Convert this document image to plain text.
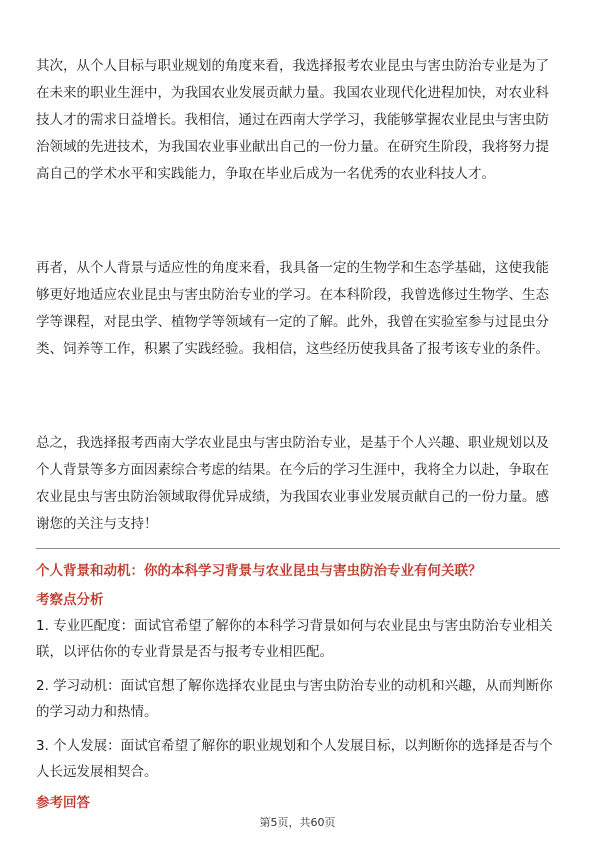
其次，从个人目标与职业规划的角度来看，我选择报考农业昆虫与害虫防治专业是为了在未来的职业生涯中，为我国农业发展贡献力量。我国农业现代化进程加快，对农业科技人才的需求日益增长。我相信，通过在西南大学学习，我能够掌握农业昆虫与害虫防治领域的先进技术，为我国农业事业献出自己的一份力量。在研究生阶段，我将努力提高自己的学术水平和实践能力，争取在毕业后成为一名优秀的农业科技人才。

再者，从个人背景与适应性的角度来看，我具备一定的生物学和生态学基础，这使我能够更好地适应农业昆虫与害虫防治专业的学习。在本科阶段，我曾选修过生物学、生态学等课程，对昆虫学、植物学等领域有一定的了解。此外，我曾在实验室参与过昆虫分类、饲养等工作，积累了实践经验。我相信，这些经历使我具备了报考该专业的条件。

总之，我选择报考西南大学农业昆虫与害虫防治专业，是基于个人兴趣、职业规划以及个人背景等多方面因素综合考虑的结果。在今后的学习生涯中，我将全力以赴，争取在农业昆虫与害虫防治领域取得优异成绩，为我国农业事业发展贡献自己的一份力量。感谢您的关注与支持！

个人背景和动机：你的本科学习背景与农业昆虫与害虫防治专业有何关联？

考察点分析

1. 专业匹配度：面试官希望了解你的本科学习背景如何与农业昆虫与害虫防治专业相关联，以评估你的专业背景是否与报考专业相匹配。
2. 学习动机：面试官想了解你选择农业昆虫与害虫防治专业的动机和兴趣，从而判断你的学习动力和热情。
3. 个人发展：面试官希望了解你的职业规划和个人发展目标，以判断你的选择是否与个人长远发展相契合。

参考回答

第5页，共60页
